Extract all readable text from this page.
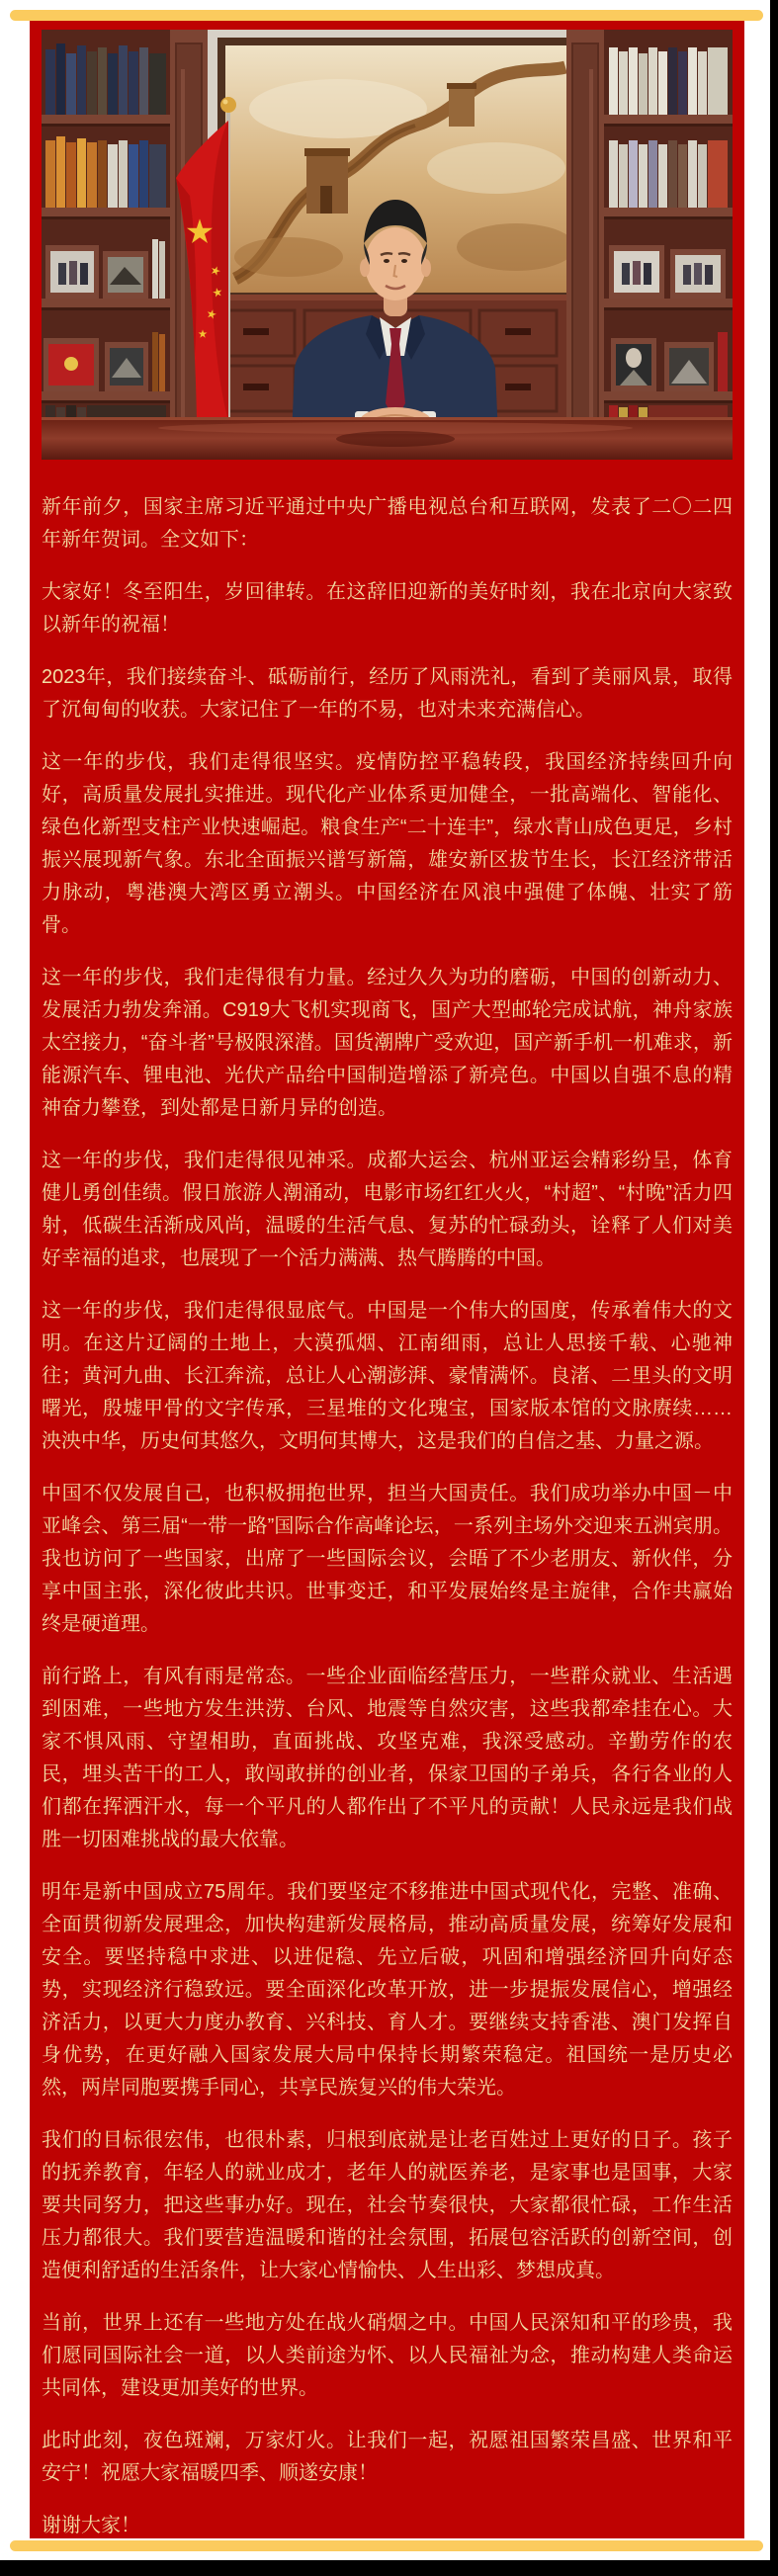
新年前夕，国家主席习近平通过中央广播电视总台和互联网，发表了二〇二四年新年贺词。全文如下：

大家好！冬至阳生，岁回律转。在这辞旧迎新的美好时刻，我在北京向大家致以新年的祝福！

2023年，我们接续奋斗、砥砺前行，经历了风雨洗礼，看到了美丽风景，取得了沉甸甸的收获。大家记住了一年的不易，也对未来充满信心。

这一年的步伐，我们走得很坚实。疫情防控平稳转段，我国经济持续回升向好，高质量发展扎实推进。现代化产业体系更加健全，一批高端化、智能化、绿色化新型支柱产业快速崛起。粮食生产“二十连丰”，绿水青山成色更足，乡村振兴展现新气象。东北全面振兴谱写新篇，雄安新区拔节生长，长江经济带活力脉动，粤港澳大湾区勇立潮头。中国经济在风浪中强健了体魄、壮实了筋骨。

这一年的步伐，我们走得很有力量。经过久久为功的磨砺，中国的创新动力、发展活力勃发奔涌。C919大飞机实现商飞，国产大型邮轮完成试航，神舟家族太空接力，“奋斗者”号极限深潜。国货潮牌广受欢迎，国产新手机一机难求，新能源汽车、锂电池、光伏产品给中国制造增添了新亮色。中国以自强不息的精神奋力攀登，到处都是日新月异的创造。

这一年的步伐，我们走得很见神采。成都大运会、杭州亚运会精彩纷呈，体育健儿勇创佳绩。假日旅游人潮涌动，电影市场红红火火，“村超”、“村晚”活力四射，低碳生活渐成风尚，温暖的生活气息、复苏的忙碌劲头，诠释了人们对美好幸福的追求，也展现了一个活力满满、热气腾腾的中国。

这一年的步伐，我们走得很显底气。中国是一个伟大的国度，传承着伟大的文明。在这片辽阔的土地上，大漠孤烟、江南细雨，总让人思接千载、心驰神往；黄河九曲、长江奔流，总让人心潮澎湃、豪情满怀。良渚、二里头的文明曙光，殷墟甲骨的文字传承，三星堆的文化瑰宝，国家版本馆的文脉赓续……泱泱中华，历史何其悠久，文明何其博大，这是我们的自信之基、力量之源。

中国不仅发展自己，也积极拥抱世界，担当大国责任。我们成功举办中国－中亚峰会、第三届“一带一路”国际合作高峰论坛，一系列主场外交迎来五洲宾朋。我也访问了一些国家，出席了一些国际会议，会晤了不少老朋友、新伙伴，分享中国主张，深化彼此共识。世事变迁，和平发展始终是主旋律，合作共赢始终是硬道理。

前行路上，有风有雨是常态。一些企业面临经营压力，一些群众就业、生活遇到困难，一些地方发生洪涝、台风、地震等自然灾害，这些我都牵挂在心。大家不惧风雨、守望相助，直面挑战、攻坚克难，我深受感动。辛勤劳作的农民，埋头苦干的工人，敢闯敢拼的创业者，保家卫国的子弟兵，各行各业的人们都在挥洒汗水，每一个平凡的人都作出了不平凡的贡献！人民永远是我们战胜一切困难挑战的最大依靠。

明年是新中国成立75周年。我们要坚定不移推进中国式现代化，完整、准确、全面贯彻新发展理念，加快构建新发展格局，推动高质量发展，统筹好发展和安全。要坚持稳中求进、以进促稳、先立后破，巩固和增强经济回升向好态势，实现经济行稳致远。要全面深化改革开放，进一步提振发展信心，增强经济活力，以更大力度办教育、兴科技、育人才。要继续支持香港、澳门发挥自身优势，在更好融入国家发展大局中保持长期繁荣稳定。祖国统一是历史必然，两岸同胞要携手同心，共享民族复兴的伟大荣光。

我们的目标很宏伟，也很朴素，归根到底就是让老百姓过上更好的日子。孩子的抚养教育，年轻人的就业成才，老年人的就医养老，是家事也是国事，大家要共同努力，把这些事办好。现在，社会节奏很快，大家都很忙碌，工作生活压力都很大。我们要营造温暖和谐的社会氛围，拓展包容活跃的创新空间，创造便利舒适的生活条件，让大家心情愉快、人生出彩、梦想成真。

当前，世界上还有一些地方处在战火硝烟之中。中国人民深知和平的珍贵，我们愿同国际社会一道，以人类前途为怀、以人民福祉为念，推动构建人类命运共同体，建设更加美好的世界。

此时此刻，夜色斑斓，万家灯火。让我们一起，祝愿祖国繁荣昌盛、世界和平安宁！祝愿大家福暖四季、顺遂安康！

谢谢大家！
